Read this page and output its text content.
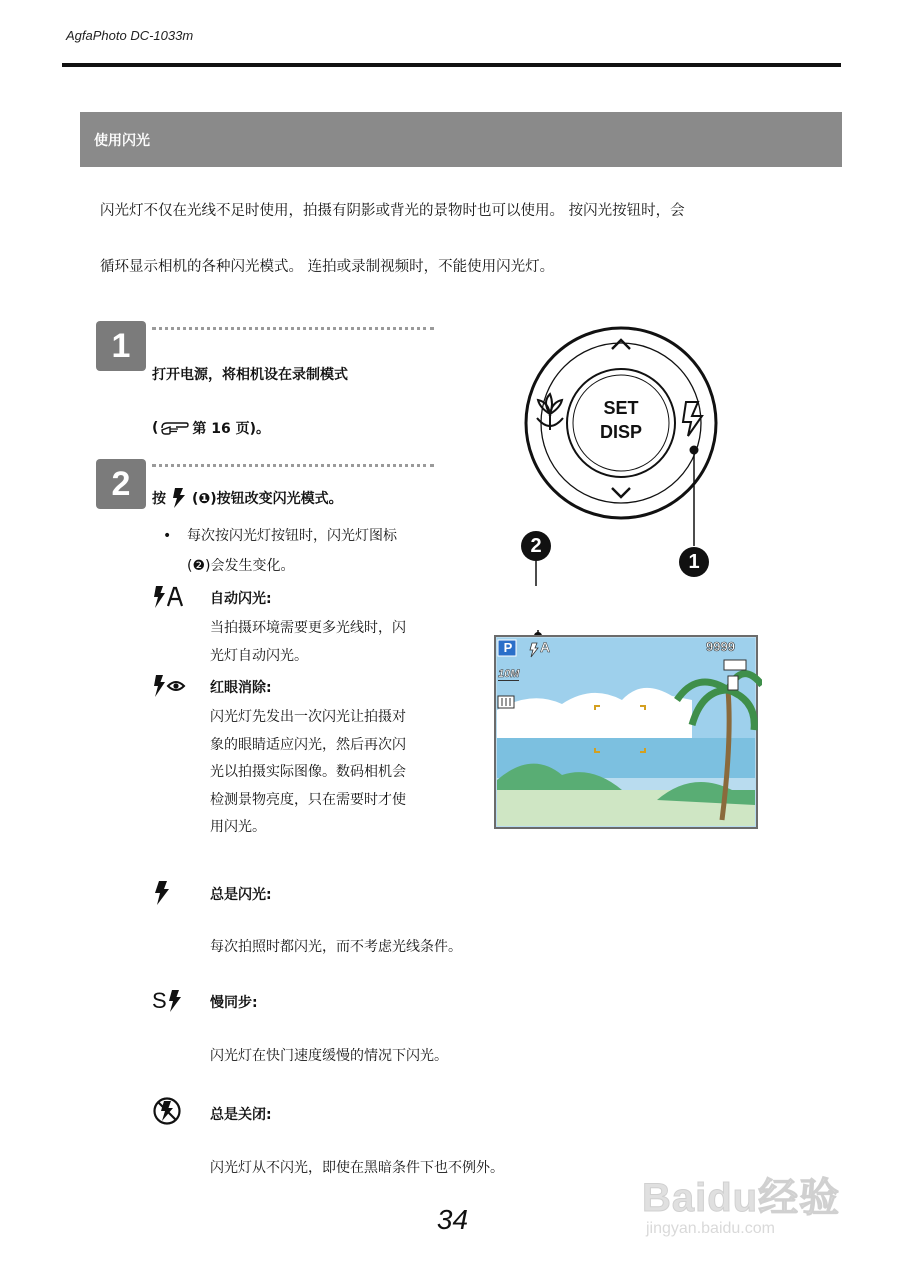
AgfaPhoto DC-1033m
使用闪光
闪光灯不仅在光线不足时使用，拍摄有阴影或背光的景物时也可以使用。 按闪光按钮时，会
循环显示相机的各种闪光模式。 连拍或录制视频时，不能使用闪光灯。
1
打开电源，将相机设在录制模式
( 第 16 页)。
2	按 (❶)按钮改变闪光模式。
• 每次按闪光灯按钮时，闪光灯图标(❷)会发生变化。
自动闪光:
当拍摄环境需要更多光线时，闪光灯自动闪光。
红眼消除:
闪光灯先发出一次闪光让拍摄对象的眼睛适应闪光，然后再次闪光以拍摄实际图像。数码相机会检测景物亮度，只在需要时才使用闪光。
总是闪光:
每次拍照时都闪光，而不考虑光线条件。
S	慢同步:
闪光灯在快门速度缓慢的情况下闪光。
总是关闭:
闪光灯从不闪光，即使在黑暗条件下也不例外。
SET
DISP
1
2
P A	9999
10M
34	Baidu经验
jingyan.baidu.com
